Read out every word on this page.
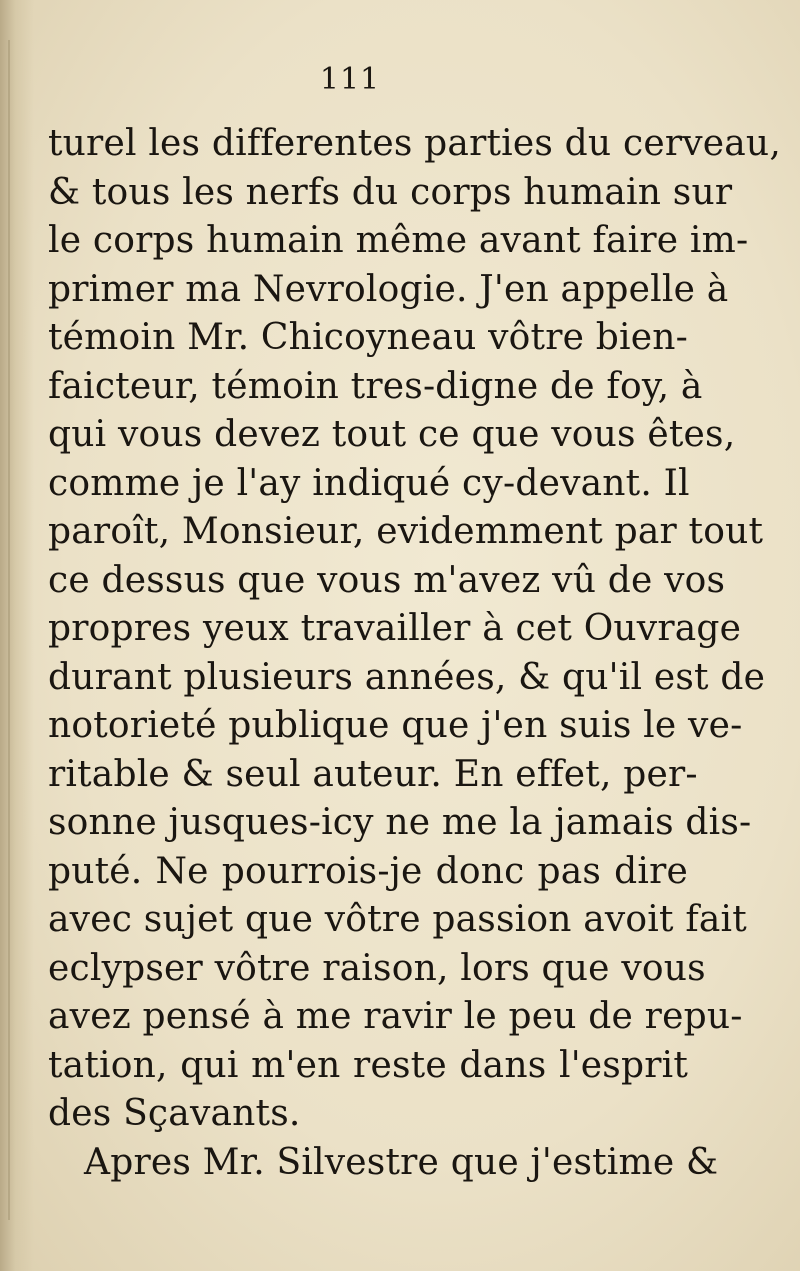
111
turel les differentes parties du cerveau,
& tous les nerfs du corps humain sur
le corps humain même avant faire im-
primer ma Nevrologie. J'en appelle à
témoin Mr. Chicoyneau vôtre bien-
faicteur, témoin tres-digne de foy, à
qui vous devez tout ce que vous êtes,
comme je l'ay indiqué cy-devant. Il
paroît, Monsieur, evidemment par tout
ce dessus que vous m'avez vû de vos
propres yeux travailler à cet Ouvrage
durant plusieurs années, & qu'il est de
notorieté publique que j'en suis le ve-
ritable & seul auteur. En effet, per-
sonne jusques-icy ne me la jamais dis-
puté. Ne pourrois-je donc pas dire
avec sujet que vôtre passion avoit fait
eclypser vôtre raison, lors que vous
avez pensé à me ravir le peu de repu-
tation, qui m'en reste dans l'esprit
des Sçavants.
Apres Mr. Silvestre que j'estime &
